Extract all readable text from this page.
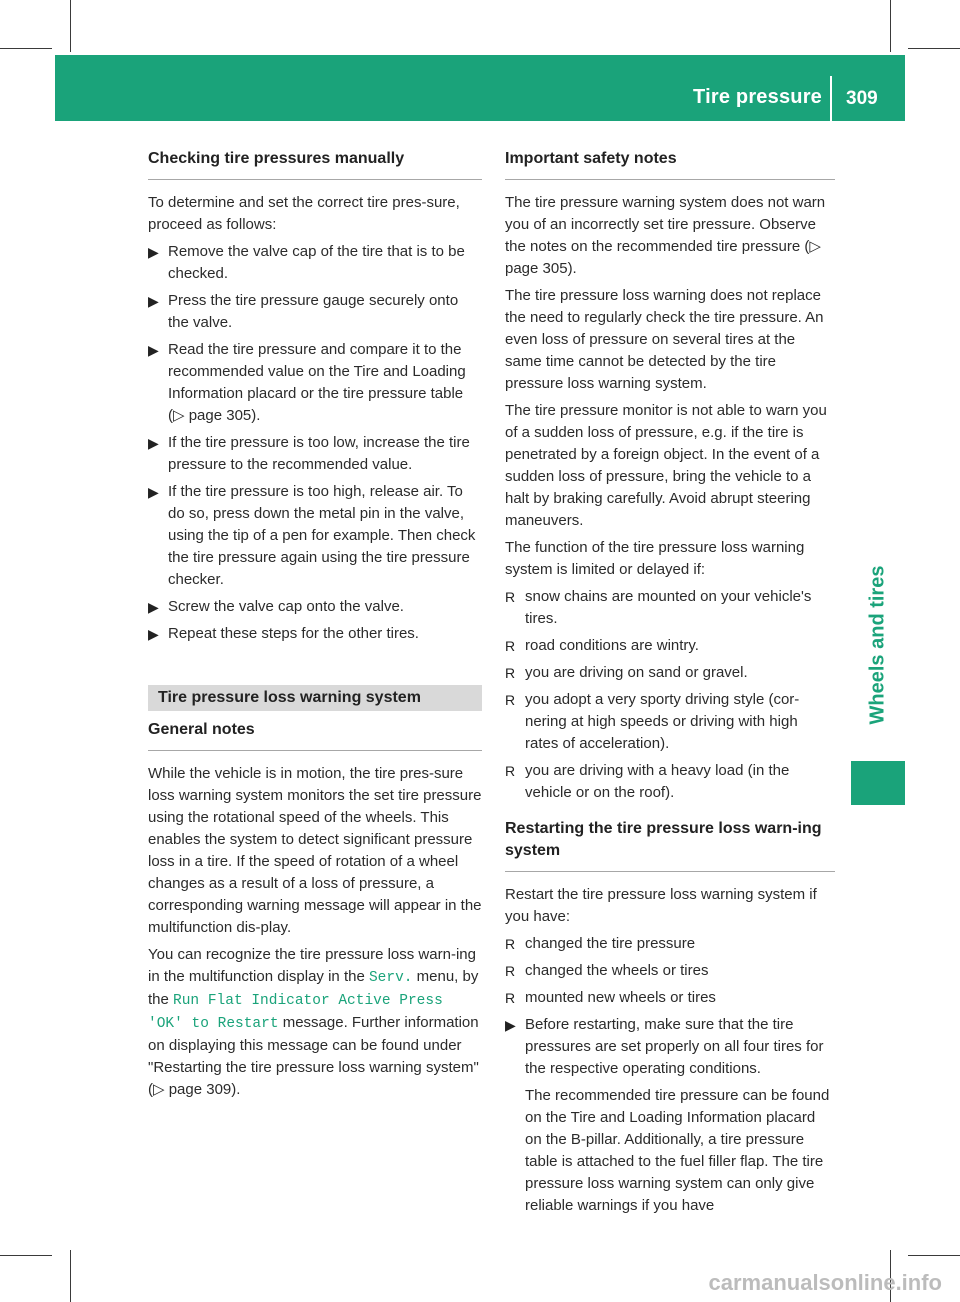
Tire pressure 309
Wheels and tires
Checking tire pressures manually

To determine and set the correct tire pres-sure, proceed as follows:

▶ Remove the valve cap of the tire that is to be checked.
▶ Press the tire pressure gauge securely onto the valve.
▶ Read the tire pressure and compare it to the recommended value on the Tire and Loading Information placard or the tire pressure table (▷ page 305).
▶ If the tire pressure is too low, increase the tire pressure to the recommended value.
▶ If the tire pressure is too high, release air. To do so, press down the metal pin in the valve, using the tip of a pen for example. Then check the tire pressure again using the tire pressure checker.
▶ Screw the valve cap onto the valve.
▶ Repeat these steps for the other tires.
Tire pressure loss warning system
General notes

While the vehicle is in motion, the tire pres-sure loss warning system monitors the set tire pressure using the rotational speed of the wheels. This enables the system to detect significant pressure loss in a tire. If the speed of rotation of a wheel changes as a result of a loss of pressure, a corresponding warning message will appear in the multifunction dis-play.

You can recognize the tire pressure loss warn-ing in the multifunction display in the Serv. menu, by the Run Flat Indicator Active Press 'OK' to Restart message. Further information on displaying this message can be found under "Restarting the tire pressure loss warning system" (▷ page 309).

Important safety notes

The tire pressure warning system does not warn you of an incorrectly set tire pressure. Observe the notes on the recommended tire pressure (▷ page 305).

The tire pressure loss warning does not replace the need to regularly check the tire pressure. An even loss of pressure on several tires at the same time cannot be detected by the tire pressure loss warning system.

The tire pressure monitor is not able to warn you of a sudden loss of pressure, e.g. if the tire is penetrated by a foreign object. In the event of a sudden loss of pressure, bring the vehicle to a halt by braking carefully. Avoid abrupt steering maneuvers.

The function of the tire pressure loss warning system is limited or delayed if:

R snow chains are mounted on your vehicle's tires.
R road conditions are wintry.
R you are driving on sand or gravel.
R you adopt a very sporty driving style (cor-nering at high speeds or driving with high rates of acceleration).
R you are driving with a heavy load (in the vehicle or on the roof).
Restarting the tire pressure loss warn-ing system

Restart the tire pressure loss warning system if you have:

R changed the tire pressure
R changed the wheels or tires
R mounted new wheels or tires
▶ Before restarting, make sure that the tire pressures are set properly on all four tires for the respective operating conditions.

The recommended tire pressure can be found on the Tire and Loading Information placard on the B-pillar. Additionally, a tire pressure table is attached to the fuel filler flap. The tire pressure loss warning system can only give reliable warnings if you have

carmanualsonline.info
